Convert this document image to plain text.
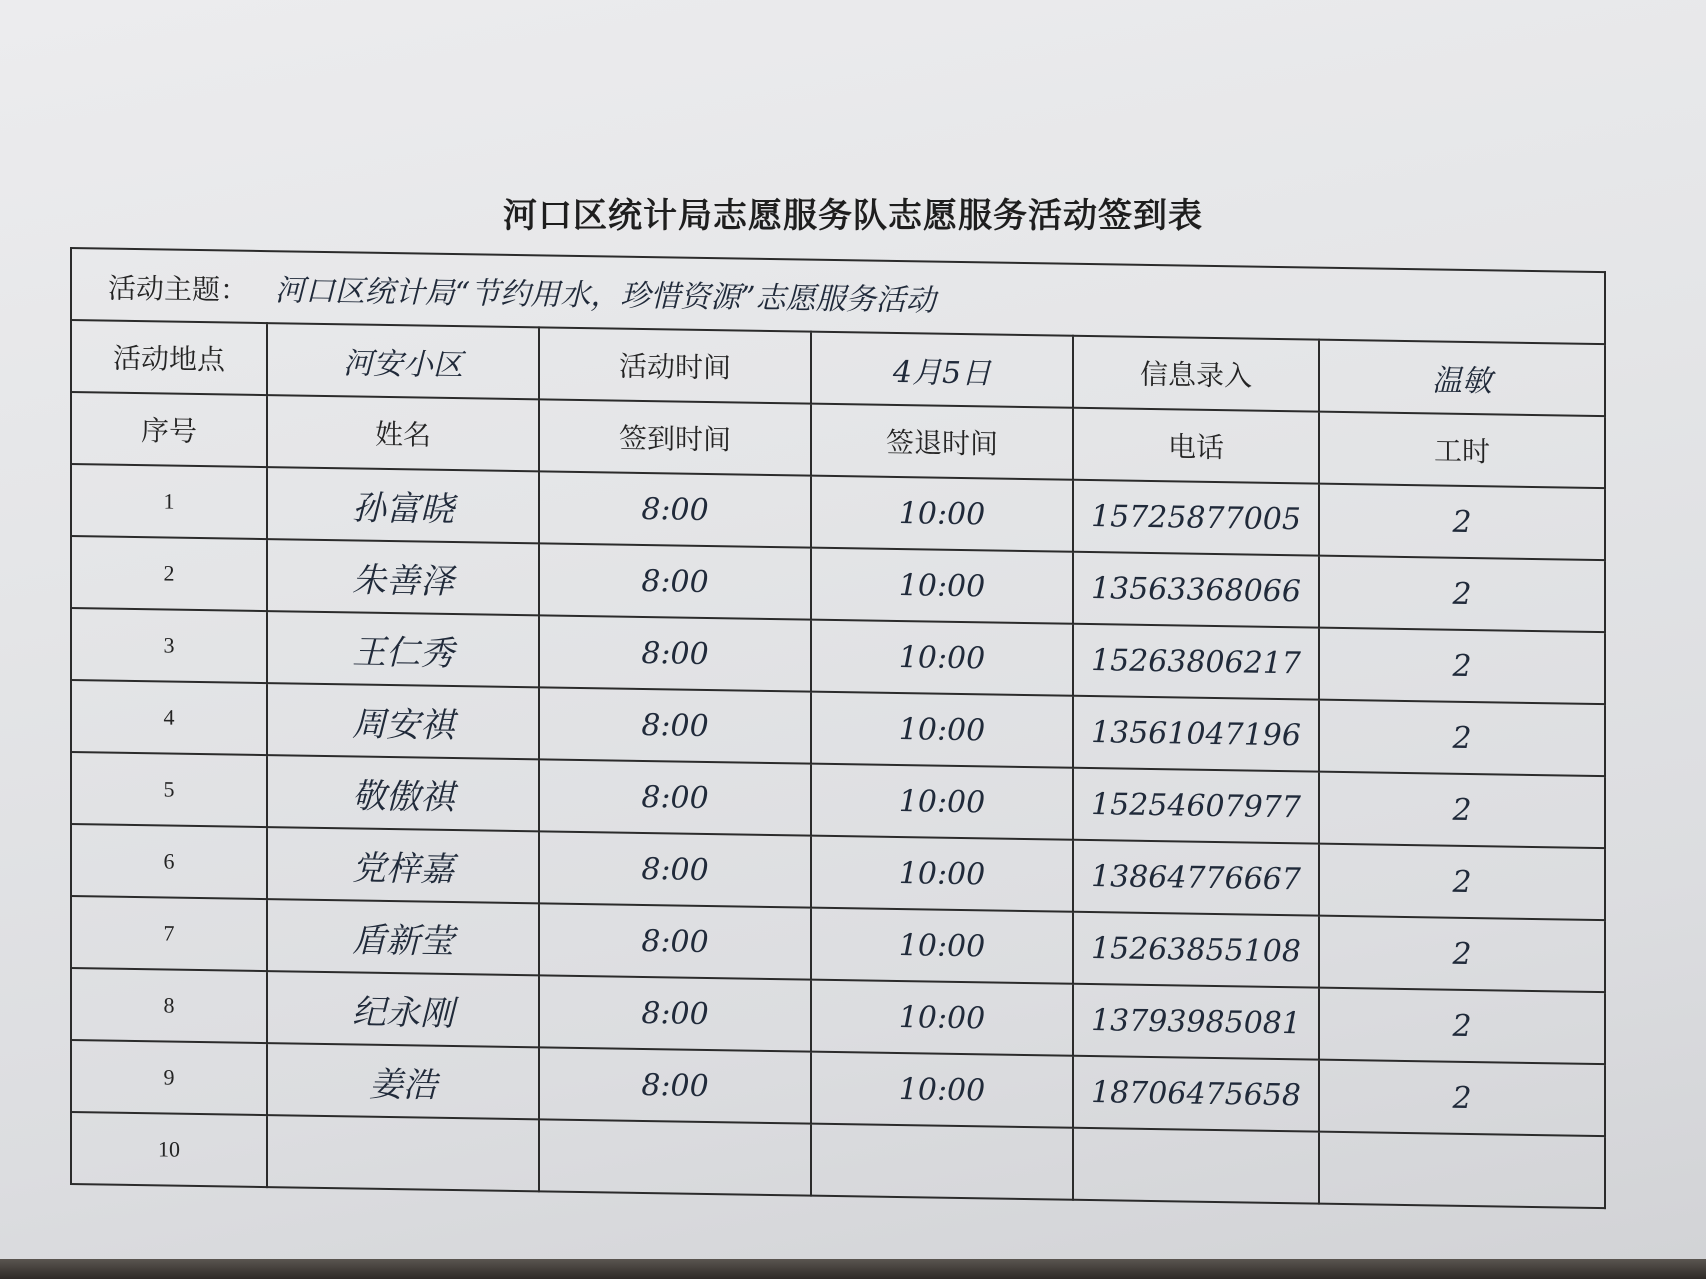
河口区统计局志愿服务队志愿服务活动签到表
活动主题： 河口区统计局“节约用水，珍惜资源”志愿服务活动					
活动地点	河安小区	活动时间	4月5日	信息录入	温敏
序号	姓名	签到时间	签退时间	电话	工时
1	孙富晓	8:00	10:00	15725877005	2
2	朱善泽	8:00	10:00	13563368066	2
3	王仁秀	8:00	10:00	15263806217	2
4	周安祺	8:00	10:00	13561047196	2
5	敬傲祺	8:00	10:00	15254607977	2
6	党梓嘉	8:00	10:00	13864776667	2
7	盾新莹	8:00	10:00	15263855108	2
8	纪永刚	8:00	10:00	13793985081	2
9	姜浩	8:00	10:00	18706475658	2
10					
